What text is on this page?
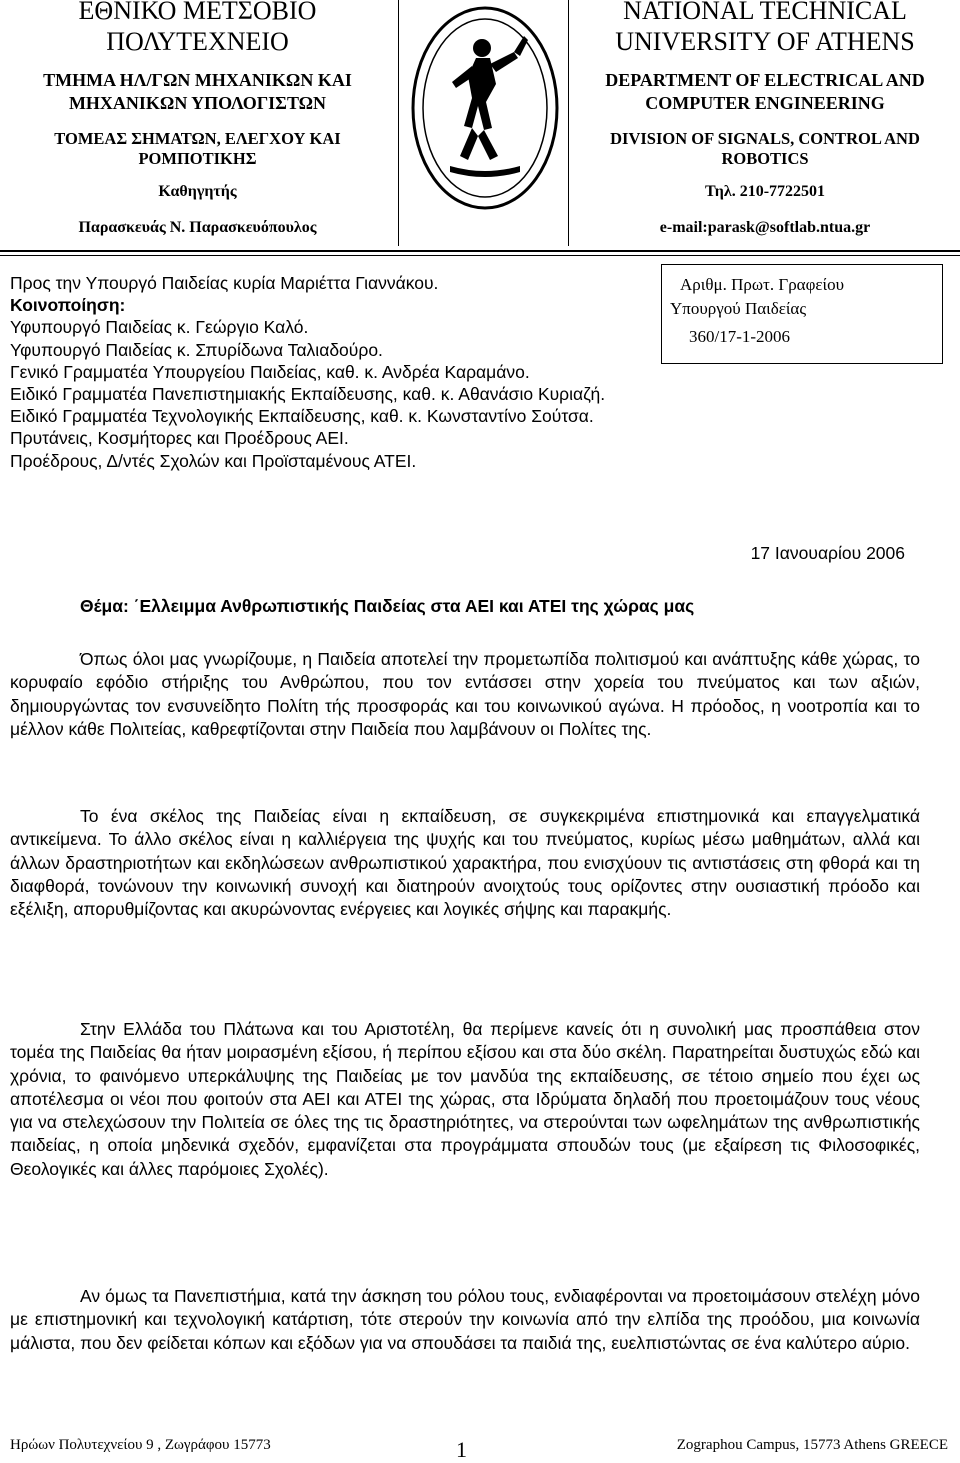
ΕΘΝΙΚΟ ΜΕΤΣΟΒΙΟ ΠΟΛΥΤΕΧΝΕΙΟ
ΤΜΗΜΑ ΗΛ/ΓΩΝ ΜΗΧΑΝΙΚΩΝ ΚΑΙ ΜΗΧΑΝΙΚΩΝ ΥΠΟΛΟΓΙΣΤΩΝ
ΤΟΜΕΑΣ ΣΗΜΑΤΩΝ, ΕΛΕΓΧΟΥ ΚΑΙ ΡΟΜΠΟΤΙΚΗΣ
Καθηγητής
Παρασκευάς Ν. Παρασκευόπουλος
NATIONAL TECHNICAL UNIVERSITY OF ATHENS
DEPARTMENT OF ELECTRICAL AND COMPUTER ENGINEERING
DIVISION OF SIGNALS, CONTROL AND ROBOTICS
Τηλ. 210-7722501
e-mail:parask@softlab.ntua.gr
Προς την Υπουργό Παιδείας κυρία Μαριέττα Γιαννάκου.
Κοινοποίηση:
Υφυπουργό Παιδείας κ. Γεώργιο Καλό.
Υφυπουργό Παιδείας κ. Σπυρίδωνα Ταλιαδούρο.
Γενικό Γραμματέα Υπουργείου Παιδείας, καθ. κ. Ανδρέα Καραμάνο.
Ειδικό Γραμματέα Πανεπιστημιακής Εκπαίδευσης, καθ. κ. Αθανάσιο Κυριαζή.
Ειδικό Γραμματέα Τεχνολογικής Εκπαίδευσης, καθ. κ. Κωνσταντίνο Σούτσα.
Πρυτάνεις, Κοσμήτορες και Προέδρους ΑΕΙ.
Προέδρους, Δ/ντές Σχολών και Προϊσταμένους ΑΤΕΙ.
Αριθμ. Πρωτ. Γραφείου
Υπουργού Παιδείας
360/17-1-2006
17 Ιανουαρίου 2006
Θέμα: ΄Ελλειμμα Ανθρωπιστικής Παιδείας στα ΑΕΙ και ΑΤΕΙ της χώρας μας

Όπως όλοι μας γνωρίζουμε, η Παιδεία αποτελεί την προμετωπίδα πολιτισμού και ανάπτυξης κάθε χώρας, το κορυφαίο εφόδιο στήριξης του Ανθρώπου, που τον εντάσσει στην χορεία του πνεύματος και των αξιών, δημιουργώντας τον ενσυνείδητο Πολίτη τής προσφοράς και του κοινωνικού αγώνα. Η πρόοδος, η νοοτροπία και το μέλλον κάθε Πολιτείας, καθρεφτίζονται στην Παιδεία που λαμβάνουν οι Πολίτες της.

Το ένα σκέλος της Παιδείας είναι η εκπαίδευση, σε συγκεκριμένα επιστημονικά και επαγγελματικά αντικείμενα. Το άλλο σκέλος είναι η καλλιέργεια της ψυχής και του πνεύματος, κυρίως μέσω μαθημάτων, αλλά και άλλων δραστηριοτήτων και εκδηλώσεων ανθρωπιστικού χαρακτήρα, που ενισχύουν τις αντιστάσεις στη φθορά και τη διαφθορά, τονώνουν την κοινωνική συνοχή και διατηρούν ανοιχτούς τους ορίζοντες στην ουσιαστική πρόοδο και εξέλιξη, απορυθμίζοντας και ακυρώνοντας ενέργειες και λογικές σήψης και παρακμής.

Στην Ελλάδα του Πλάτωνα και του Αριστοτέλη, θα περίμενε κανείς ότι η συνολική μας προσπάθεια στον τομέα της Παιδείας θα ήταν μοιρασμένη εξίσου, ή περίπου εξίσου και στα δύο σκέλη. Παρατηρείται δυστυχώς εδώ και χρόνια, το φαινόμενο υπερκάλυψης της Παιδείας με τον μανδύα της εκπαίδευσης, σε τέτοιο σημείο που έχει ως αποτέλεσμα οι νέοι που φοιτούν στα ΑΕΙ και ΑΤΕΙ της χώρας, στα Ιδρύματα δηλαδή που προετοιμάζουν τους νέους για να στελεχώσουν την Πολιτεία σε όλες της τις δραστηριότητες, να στερούνται των ωφελημάτων της ανθρωπιστικής παιδείας, η οποία μηδενικά σχεδόν, εμφανίζεται στα προγράμματα σπουδών τους (με εξαίρεση τις Φιλοσοφικές, Θεολογικές και άλλες παρόμοιες Σχολές).

Αν όμως τα Πανεπιστήμια, κατά την άσκηση του ρόλου τους, ενδιαφέρονται να προετοιμάσουν στελέχη μόνο με επιστημονική και τεχνολογική κατάρτιση, τότε στερούν την κοινωνία από την ελπίδα της προόδου, μια κοινωνία μάλιστα, που δεν φείδεται κόπων και εξόδων για να σπουδάσει τα παιδιά της, ευελπιστώντας σε ένα καλύτερο αύριο.

Ηρώων Πολυτεχνείου 9 , Ζωγράφου 15773	1	Zographou Campus, 15773 Athens GREECE
